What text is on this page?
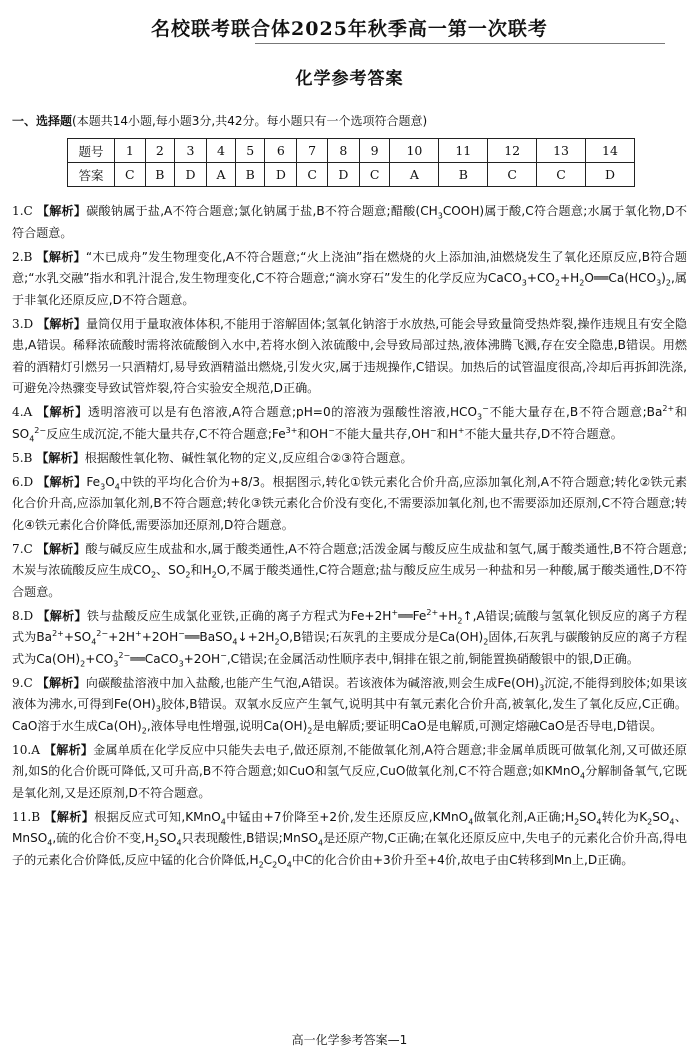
名校联考联合体2025年秋季高一第一次联考
化学参考答案
一、选择题(本题共14小题,每小题3分,共42分。每小题只有一个选项符合题意)
题号	1	2	3	4	5	6	7	8	9	10	11	12	13	14
答案	C	B	D	A	B	D	C	D	C	A	B	C	C	D
1.C 【解析】碳酸钠属于盐,A不符合题意;氯化钠属于盐,B不符合题意;醋酸$(CH_3COOH)$属于酸,C符合题意;水属于氧化物,D不符合题意。
2.B 【解析】“木已成舟”发生物理变化,A不符合题意;“火上浇油”指在燃烧的火上添加油,油燃烧发生了氧化还原反应,B符合题意;“水乳交融”指水和乳汁混合,发生物理变化,C不符合题意;“滴水穿石”发生的化学反应为$CaCO_3+CO_2+H_2O══Ca(HCO_3)_2$,属于非氧化还原反应,D不符合题意。
3.D 【解析】量筒仅用于量取液体体积,不能用于溶解固体;氢氧化钠溶于水放热,可能会导致量筒受热炸裂,操作违规且有安全隐患,A错误。稀释浓硫酸时需将浓硫酸倒入水中,若将水倒入浓硫酸中,会导致局部过热,液体沸腾飞溅,存在安全隐患,B错误。用燃着的酒精灯引燃另一只酒精灯,易导致酒精溢出燃烧,引发火灾,属于违规操作,C错误。加热后的试管温度很高,冷却后再拆卸洗涤,可避免冷热骤变导致试管炸裂,符合实验安全规范,D正确。
4.A 【解析】透明溶液可以是有色溶液,A符合题意;pH=0的溶液为强酸性溶液$,HCO_3^-$不能大量存在,B不符合题意$;Ba^{2+}$和$SO_4^{2-}$反应生成沉淀,不能大量共存,C不符合题意$;Fe^{3+}$和OH−不能大量共存,OH−和H+不能大量共存,D不符合题意。
5.B 【解析】根据酸性氧化物、碱性氧化物的定义,反应组合②③符合题意。
6.D 【解析】$Fe_3O_4$中铁的平均化合价为+8/3。根据图示,转化①铁元素化合价升高,应添加氧化剂,A不符合题意;转化②铁元素化合价升高,应添加氧化剂,B不符合题意;转化③铁元素化合价没有变化,不需要添加氧化剂,也不需要添加还原剂,C不符合题意;转化④铁元素化合价降低,需要添加还原剂,D符合题意。
7.C 【解析】酸与碱反应生成盐和水,属于酸类通性,A不符合题意;活泼金属与酸反应生成盐和氢气,属于酸类通性,B不符合题意;木炭与浓硫酸反应生成$CO_2$、$SO_2$和$H_2O$,不属于酸类通性,C符合题意;盐与酸反应生成另一种盐和另一种酸,属于酸类通性,D不符合题意。
8.D 【解析】铁与盐酸反应生成氯化亚铁,正确的离子方程式为$Fe+2H^+══Fe^{2+}+H_2↑,A$错误;硫酸与氢氧化钡反应的离子方程式为$Ba^{2+}+SO_4^{2-}+2H^++2OH^-══BaSO_4↓+2H_2O,B$错误;石灰乳的主要成分是$Ca(OH)_2$固体,石灰乳与碳酸钠反应的离子方程式为$Ca(OH)_2+CO_3^{2-}══CaCO_3+2OH^-,C$错误;在金属活动性顺序表中,铜排在银之前,铜能置换硝酸银中的银,D正确。
9.C 【解析】向碳酸盐溶液中加入盐酸,也能产生气泡,A错误。若该液体为碱溶液,则会生成$Fe(OH)_3$沉淀,不能得到胶体;如果该液体为沸水,可得到$Fe(OH)_3$胶体,B错误。双氧水反应产生氧气,说明其中有氧元素化合价升高,被氧化,发生了氧化反应,C正确。CaO溶于水生成$Ca(OH)_2$,液体导电性增强,说明$Ca(OH)_2$是电解质;要证明CaO是电解质,可测定熔融CaO是否导电,D错误。
10.A 【解析】金属单质在化学反应中只能失去电子,做还原剂,不能做氧化剂,A符合题意;非金属单质既可做氧化剂,又可做还原剂,如S的化合价既可降低,又可升高,B不符合题意;如CuO和氢气反应,CuO做氧化剂,C不符合题意;如KMnO$_4$分解制备氧气,它既是氧化剂,又是还原剂,D不符合题意。
11.B 【解析】根据反应式可知,KMnO$_4$中锰由+7价降至+2价,发生还原反应,KMnO$_4$做氧化剂,A正确$;H_2SO_4$转化为$K_2SO_4$、MnSO$_4$,硫的化合价不变$,H_2SO_4$只表现酸性,B错误;MnSO$_4$是还原产物,C正确;在氧化还原反应中,失电子的元素化合价升高,得电子的元素化合价降低,反应中锰的化合价降低$,H_2C_2O_4$中C的化合价由+3价升至+4价,故电子由C转移到Mn上,D正确。
高一化学参考答案—1
